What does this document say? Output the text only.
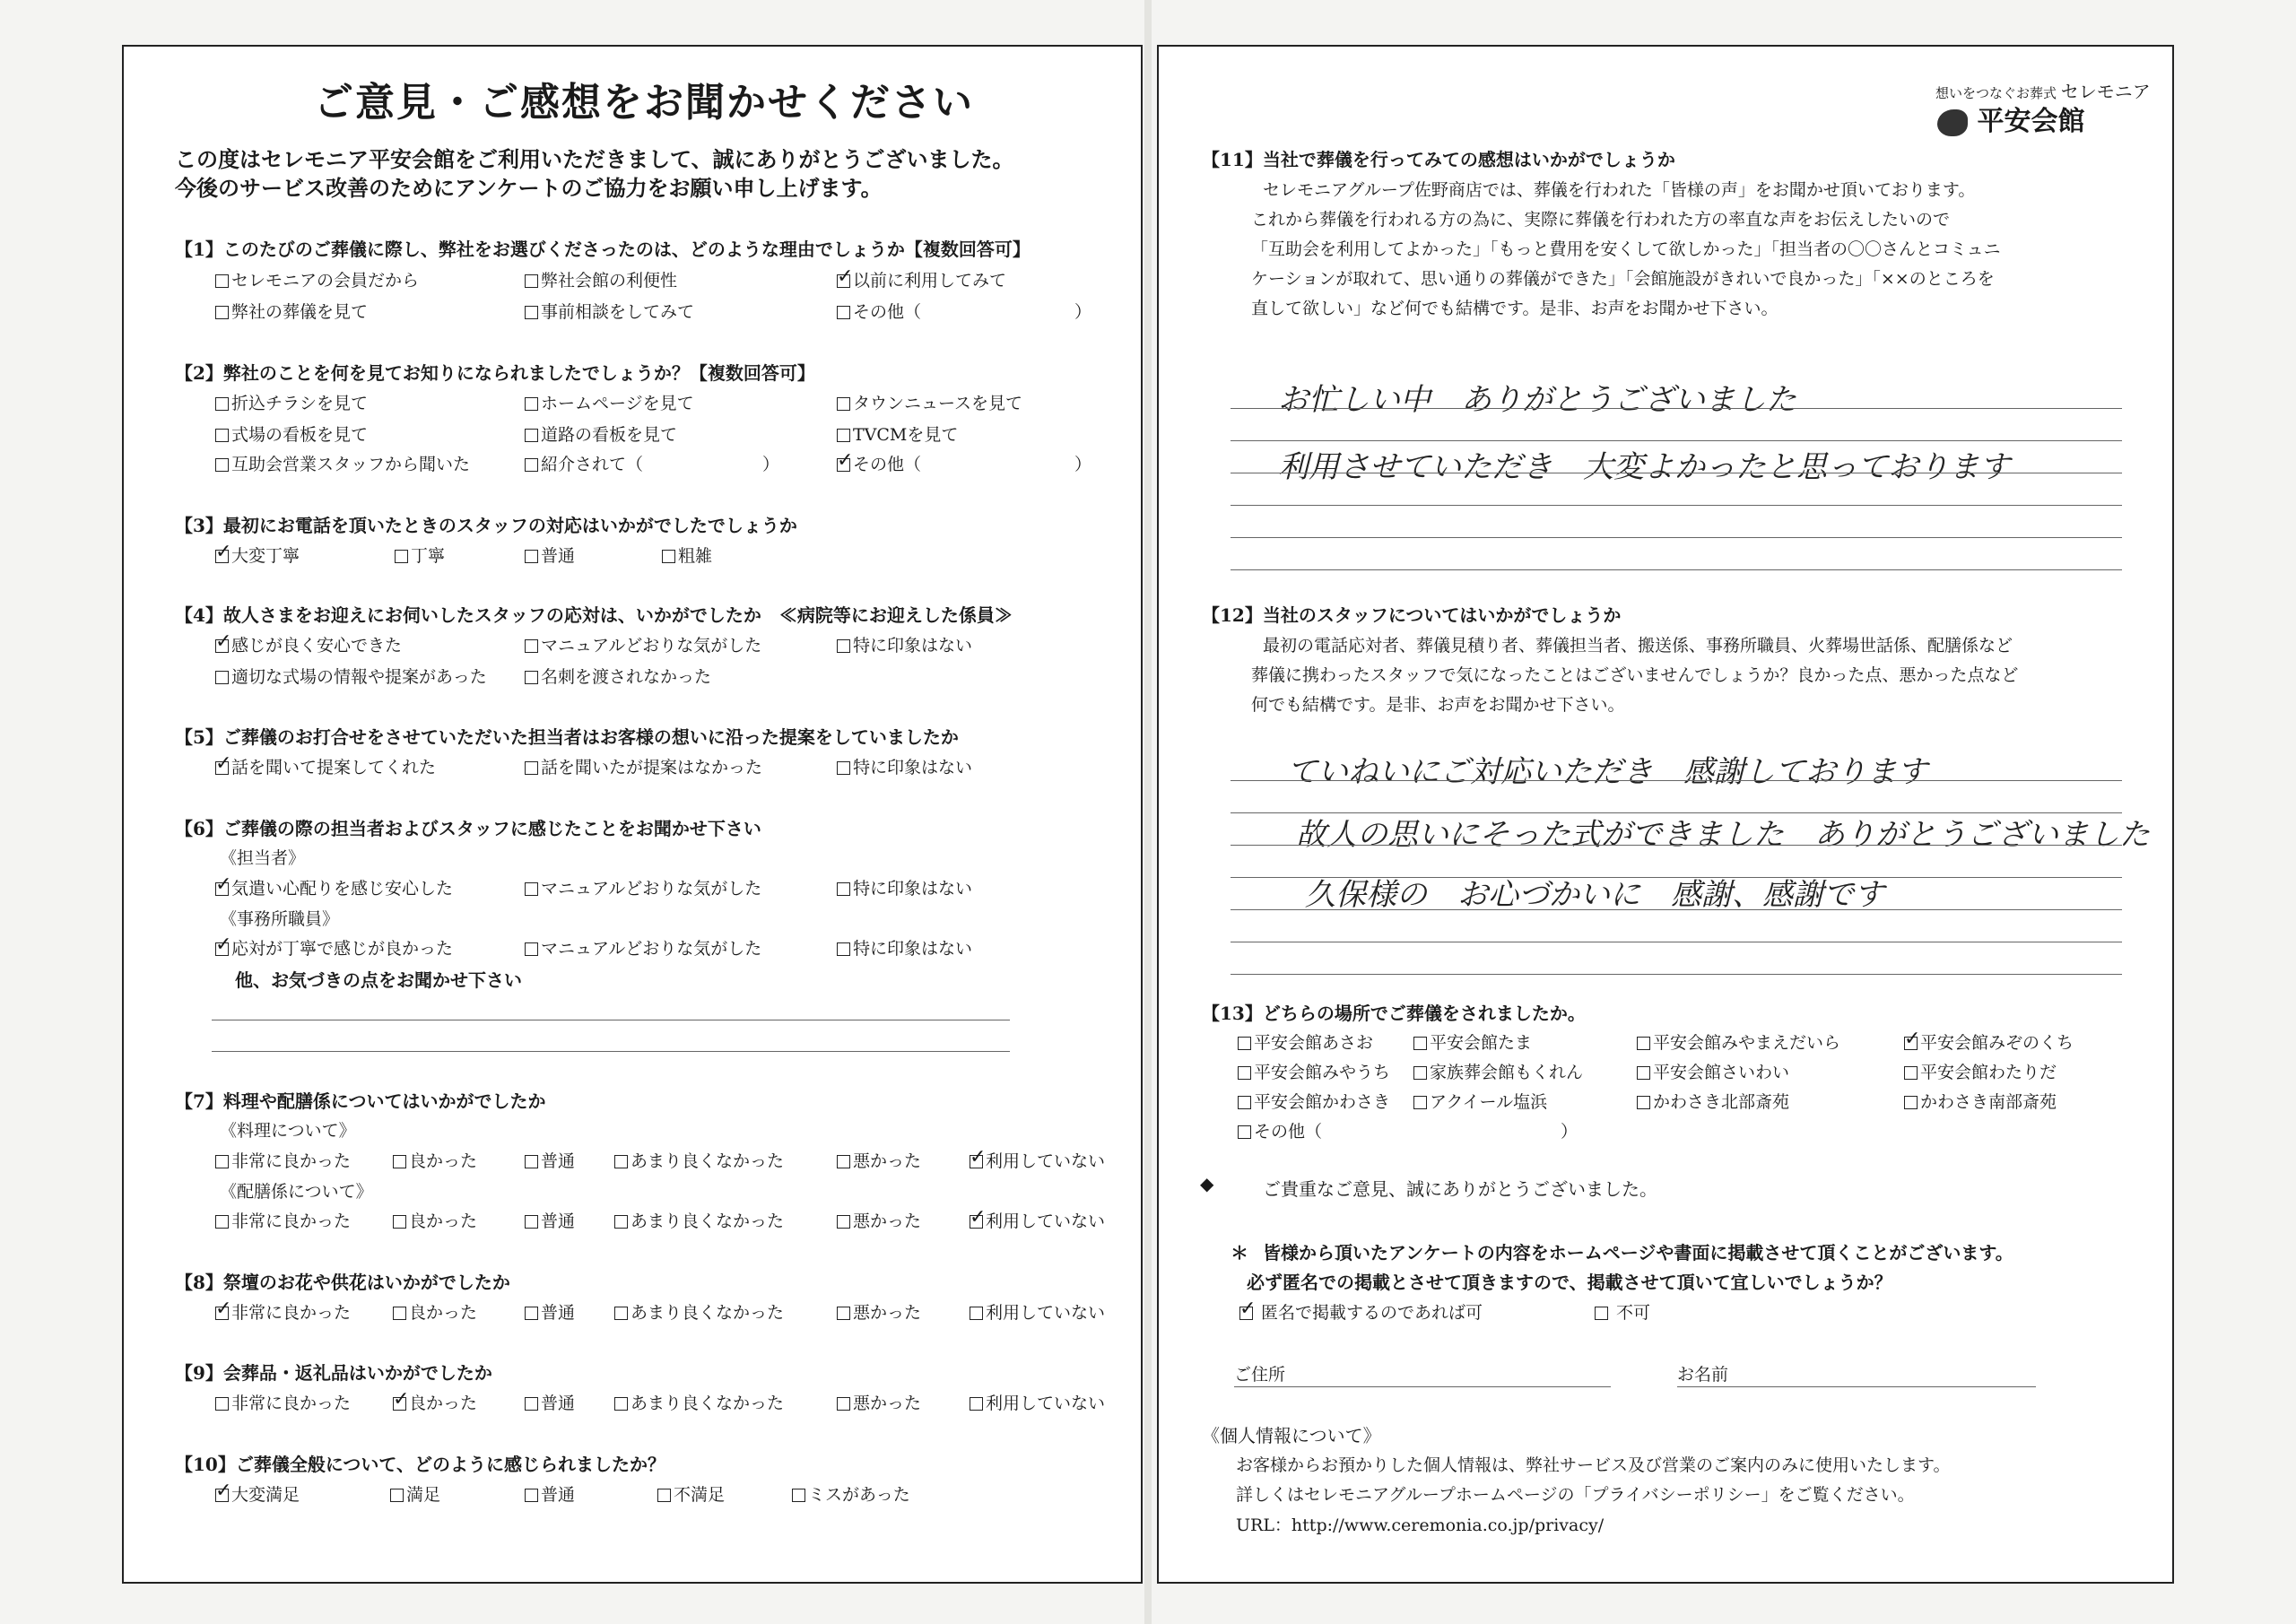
ご意見・ご感想をお聞かせください
この度はセレモニア平安会館をご利用いただきまして、誠にありがとうございました。
今後のサービス改善のためにアンケートのご協力をお願い申し上げます。
【1】このたびのご葬儀に際し、弊社をお選びくださったのは、どのような理由でしょうか【複数回答可】
セレモニアの会員だから	弊社会館の利便性 ✓	以前に利用してみて
弊社の葬儀を見て	事前相談をしてみて	その他（　　　　　　　　　）
【2】弊社のことを何を見てお知りになられましたでしょうか？【複数回答可】
折込チラシを見て	ホームページを見て	タウンニュースを見て
式場の看板を見て	道路の看板を見て	TVCMを見て
互助会営業スタッフから聞いた	紹介されて（　　　　　　　） ✓	その他（　　　　　　　　　）
【3】最初にお電話を頂いたときのスタッフの対応はいかがでしたでしょうか
✓大変丁寧	丁寧	普通	粗雑
【4】故人さまをお迎えにお伺いしたスタッフの応対は、いかがでしたか　≪病院等にお迎えした係員≫
✓感じが良く安心できた	マニュアルどおりな気がした	特に印象はない
適切な式場の情報や提案があった	名刺を渡されなかった
【5】ご葬儀のお打合せをさせていただいた担当者はお客様の想いに沿った提案をしていましたか
✓話を聞いて提案してくれた	話を聞いたが提案はなかった	特に印象はない
【6】ご葬儀の際の担当者およびスタッフに感じたことをお聞かせ下さい
《担当者》
✓気遣い心配りを感じ安心した	マニュアルどおりな気がした	特に印象はない
《事務所職員》
✓応対が丁寧で感じが良かった	マニュアルどおりな気がした	特に印象はない
他、お気づきの点をお聞かせ下さい
【7】料理や配膳係についてはいかがでしたか
《料理について》
非常に良かった	良かった	普通	あまり良くなかった	悪かった ✓	利用していない
《配膳係について》
非常に良かった	良かった	普通	あまり良くなかった	悪かった ✓	利用していない
【8】祭壇のお花や供花はいかがでしたか
✓非常に良かった	良かった	普通	あまり良くなかった	悪かった	利用していない
【9】会葬品・返礼品はいかがでしたか
非常に良かった ✓	良かった	普通	あまり良くなかった	悪かった	利用していない
【10】ご葬儀全般について、どのように感じられましたか？
✓大変満足	満足	普通	不満足	ミスがあった
想いをつなぐお葬式 セレモニア
平安会館
【11】当社で葬儀を行ってみての感想はいかがでしょうか
セレモニアグループ佐野商店では、葬儀を行われた「皆様の声」をお聞かせ頂いております。
これから葬儀を行われる方の為に、実際に葬儀を行われた方の率直な声をお伝えしたいので
「互助会を利用してよかった」「もっと費用を安くして欲しかった」「担当者の〇〇さんとコミュニ
ケーションが取れて、思い通りの葬儀ができた」「会館施設がきれいで良かった」「××のところを
直して欲しい」など何でも結構です。是非、お声をお聞かせ下さい。
お忙しい中　ありがとうございました
利用させていただき　大変よかったと思っております
【12】当社のスタッフについてはいかがでしょうか
最初の電話応対者、葬儀見積り者、葬儀担当者、搬送係、事務所職員、火葬場世話係、配膳係など
葬儀に携わったスタッフで気になったことはございませんでしょうか？良かった点、悪かった点など
何でも結構です。是非、お声をお聞かせ下さい。
ていねいにご対応いただき　感謝しております
故人の思いにそった式ができました　ありがとうございました
久保様の　お心づかいに　感謝、感謝です
【13】どちらの場所でご葬儀をされましたか。
平安会館あさお	平安会館たま	平安会館みやまえだいら ✓	平安会館みぞのくち
平安会館みやうち	家族葬会館もくれん	平安会館さいわい	平安会館わたりだ
平安会館かわさき	アクイール塩浜	かわさき北部斎苑	かわさき南部斎苑
その他（　　　　　　　　　　　　　　）
◆	ご貴重なご意見、誠にありがとうございました。
＊ 皆様から頂いたアンケートの内容をホームページや書面に掲載させて頂くことがございます。
必ず匿名での掲載とさせて頂きますので、掲載させて頂いて宜しいでしょうか？
✓ 匿名で掲載するのであれば可	不可
ご住所	お名前
《個人情報について》
お客様からお預かりした個人情報は、弊社サービス及び営業のご案内のみに使用いたします。
詳しくはセレモニアグループホームページの「プライバシーポリシー」をご覧ください。
URL：http://www.ceremonia.co.jp/privacy/
